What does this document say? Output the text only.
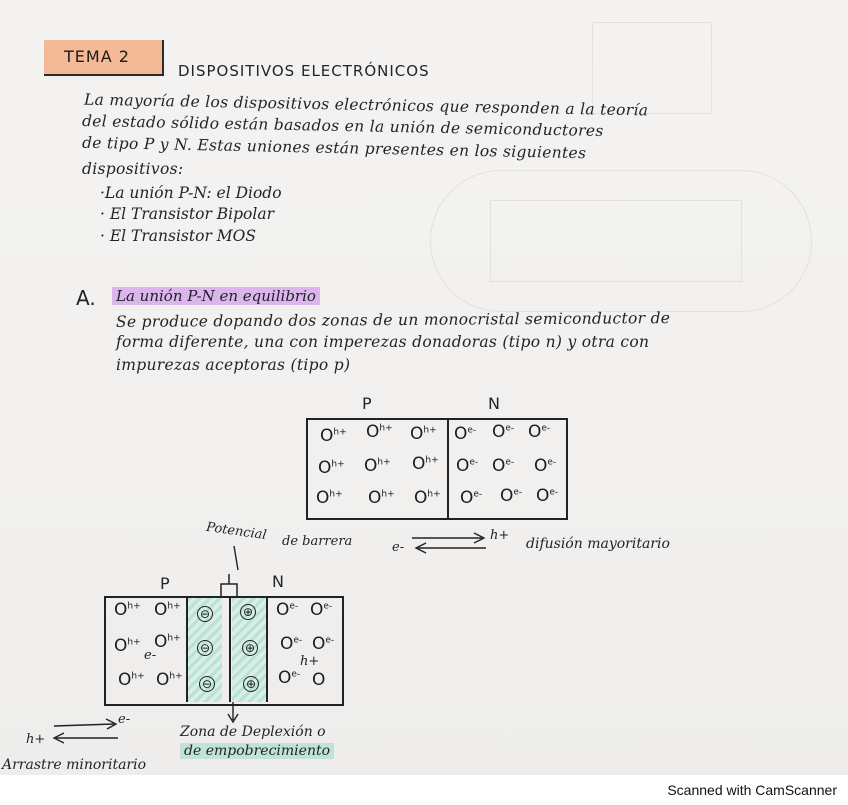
TEMA 2
DISPOSITIVOS ELECTRÓNICOS
La mayoría de los dispositivos electrónicos que responden a la teoría
del estado sólido están basados en la unión de semiconductores
de tipo P y N. Estas uniones están presentes en los siguientes
dispositivos:
·La unión P-N: el Diodo
· El Transistor Bipolar
· El Transistor MOS
A. La unión P-N en equilibrio
Se produce dopando dos zonas de un monocristal semiconductor de
forma diferente, una con imperezas donadoras (tipo n) y otra con
impurezas aceptoras (tipo p)
P	N
$O^{h+}$ $O^{h+}$ $O^{h+}$
$O^{h+}$ $O^{h+}$ $O^{h+}$
$O^{h+}$ $O^{h+}$ $O^{h+}$
$O^{e-}$ $O^{e-}$ $O^{e-}$
$O^{e-}$ $O^{e-}$ $O^{e-}$
$O^{e-}$ $O^{e-}$ $O^{e-}$
Potencial de barrera	e-
h+
difusión mayoritario
P	N
$O^{h+}$ $O^{h+}$
$O^{h+}$ $O^{h+}$
$O^{h+}$ $O^{h+}$
e-
⊖
⊖
⊖
⊕
⊕
⊕
$O^{e-}$ $O^{e-}$
$O^{e-}$ $O^{e-}$
$O^{e-}$ O
h+
Zona de Deplexión o
de empobrecimiento
e-
h+
Arrastre minoritario
Scanned with CamScanner
